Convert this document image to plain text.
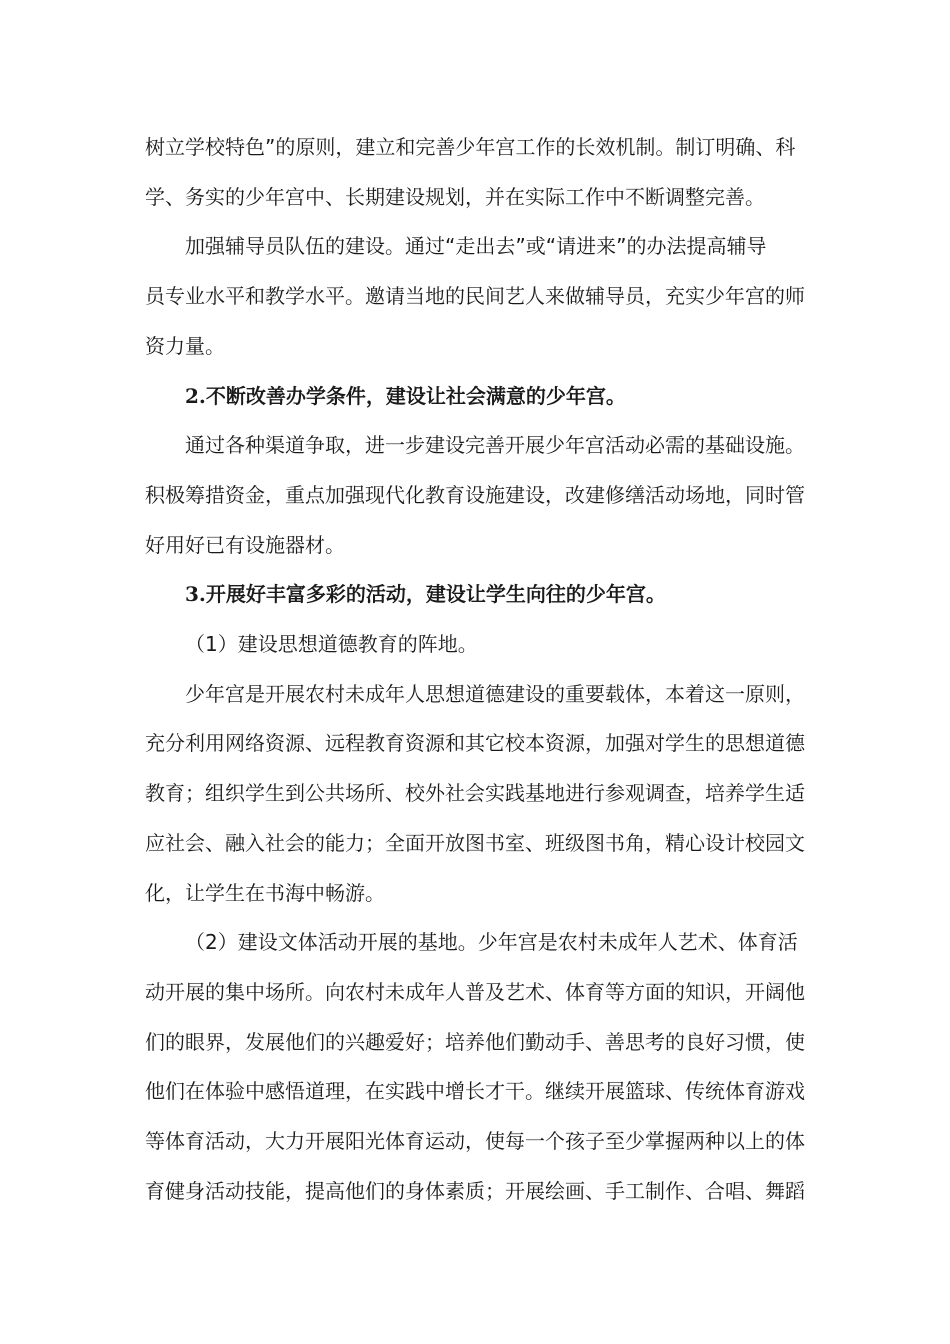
树立学校特色”的原则，建立和完善少年宫工作的长效机制。制订明确、科
学、务实的少年宫中、长期建设规划，并在实际工作中不断调整完善。

加强辅导员队伍的建设。通过“走出去”或“请进来”的办法提高辅导
员专业水平和教学水平。邀请当地的民间艺人来做辅导员，充实少年宫的师
资力量。

2.不断改善办学条件，建设让社会满意的少年宫。

通过各种渠道争取，进一步建设完善开展少年宫活动必需的基础设施。
积极筹措资金，重点加强现代化教育设施建设，改建修缮活动场地，同时管
好用好已有设施器材。

3.开展好丰富多彩的活动，建设让学生向往的少年宫。

（1）建设思想道德教育的阵地。

少年宫是开展农村未成年人思想道德建设的重要载体，本着这一原则，
充分利用网络资源、远程教育资源和其它校本资源，加强对学生的思想道德
教育；组织学生到公共场所、校外社会实践基地进行参观调查，培养学生适
应社会、融入社会的能力；全面开放图书室、班级图书角，精心设计校园文
化，让学生在书海中畅游。

（2）建设文体活动开展的基地。少年宫是农村未成年人艺术、体育活
动开展的集中场所。向农村未成年人普及艺术、体育等方面的知识，开阔他
们的眼界，发展他们的兴趣爱好；培养他们勤动手、善思考的良好习惯，使
他们在体验中感悟道理，在实践中增长才干。继续开展篮球、传统体育游戏
等体育活动，大力开展阳光体育运动，使每一个孩子至少掌握两种以上的体
育健身活动技能，提高他们的身体素质；开展绘画、手工制作、合唱、舞蹈
